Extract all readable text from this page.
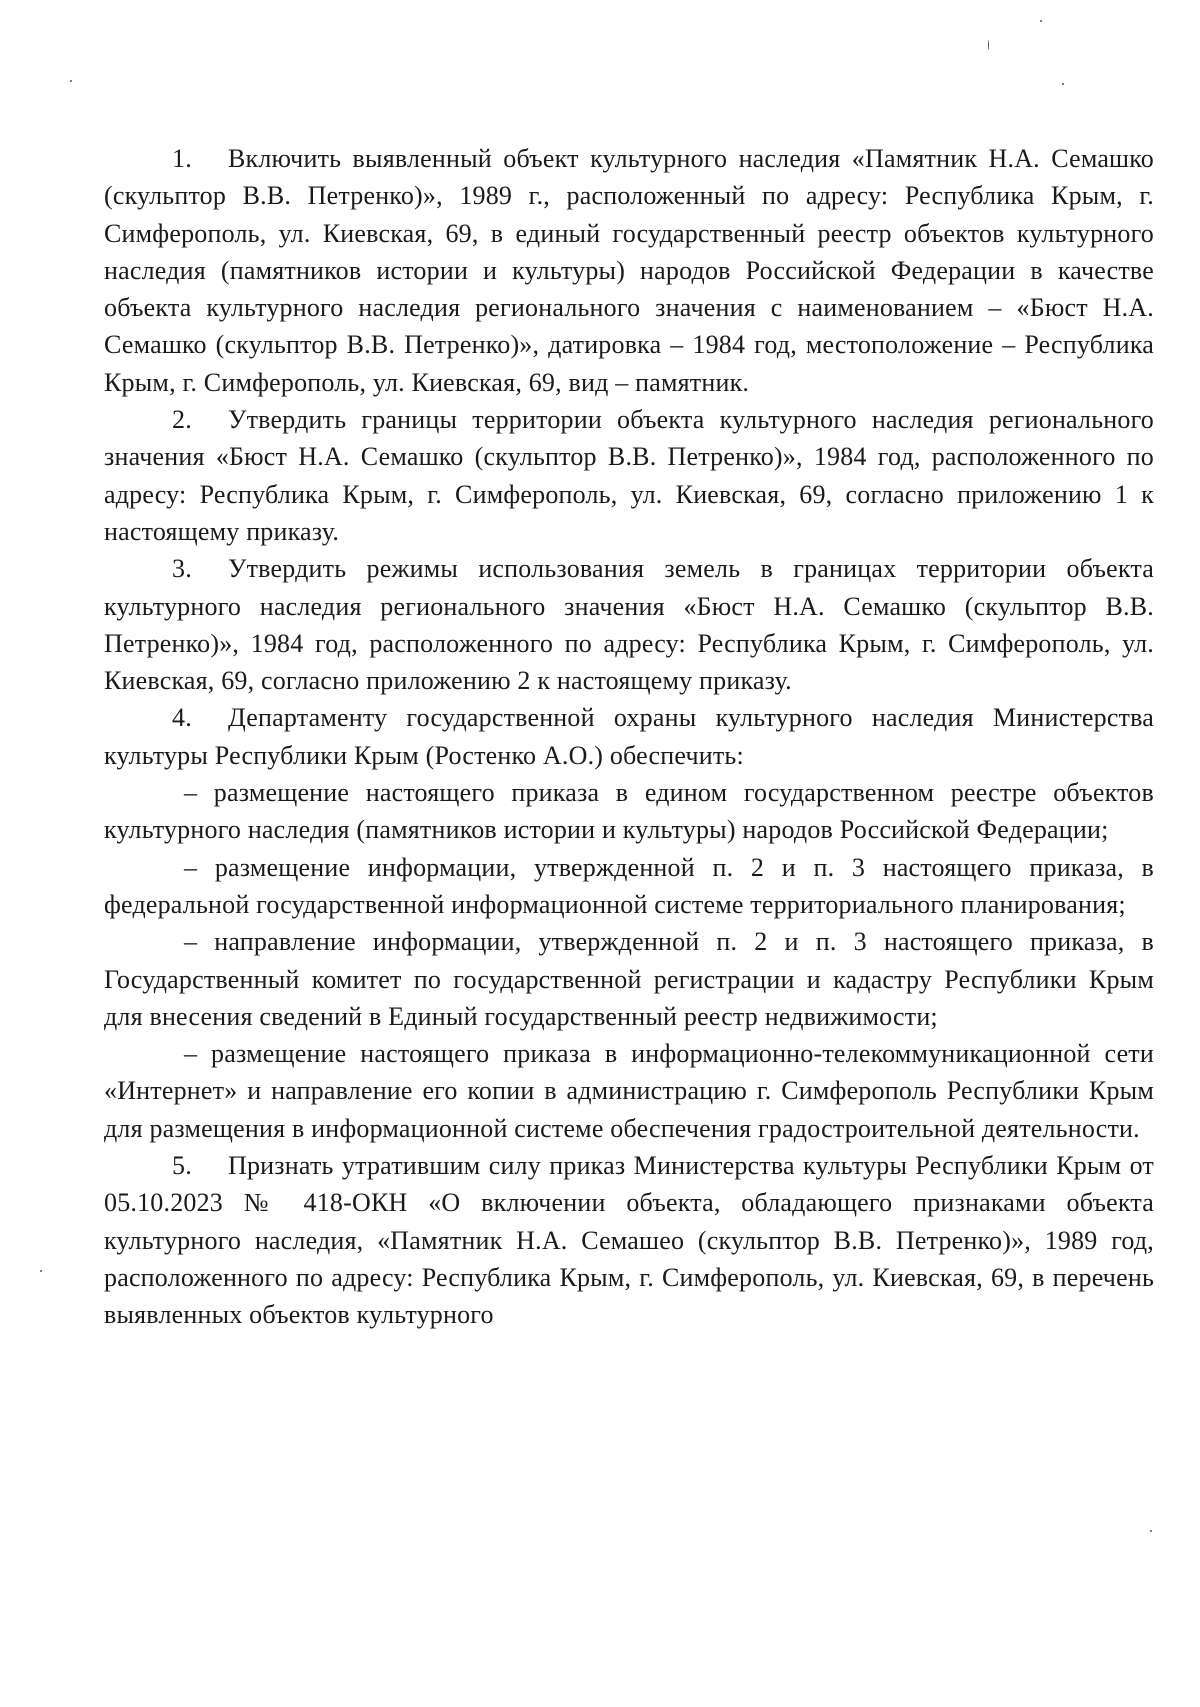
1. Включить выявленный объект культурного наследия «Памятник Н.А. Семашко (скульптор В.В. Петренко)», 1989 г., расположенный по адресу: Республика Крым, г. Симферополь, ул. Киевская, 69, в единый государственный реестр объектов культурного наследия (памятников истории и культуры) народов Российской Федерации в качестве объекта культурного наследия регионального значения с наименованием – «Бюст Н.А. Семашко (скульптор В.В. Петренко)», датировка – 1984 год, местоположение – Республика Крым, г. Симферополь, ул. Киевская, 69, вид – памятник.

2. Утвердить границы территории объекта культурного наследия регионального значения «Бюст Н.А. Семашко (скульптор В.В. Петренко)», 1984 год, расположенного по адресу: Республика Крым, г. Симферополь, ул. Киевская, 69, согласно приложению 1 к настоящему приказу.

3. Утвердить режимы использования земель в границах территории объекта культурного наследия регионального значения «Бюст Н.А. Семашко (скульптор В.В. Петренко)», 1984 год, расположенного по адресу: Республика Крым, г. Симферополь, ул. Киевская, 69, согласно приложению 2 к настоящему приказу.

4. Департаменту государственной охраны культурного наследия Министерства культуры Республики Крым (Ростенко А.О.) обеспечить:

– размещение настоящего приказа в едином государственном реестре объектов культурного наследия (памятников истории и культуры) народов Российской Федерации;

– размещение информации, утвержденной п. 2 и п. 3 настоящего приказа, в федеральной государственной информационной системе территориального планирования;

– направление информации, утвержденной п. 2 и п. 3 настоящего приказа, в Государственный комитет по государственной регистрации и кадастру Республики Крым для внесения сведений в Единый государственный реестр недвижимости;

– размещение настоящего приказа в информационно-телекоммуникационной сети «Интернет» и направление его копии в администрацию г. Симферополь Республики Крым для размещения в информационной системе обеспечения градостроительной деятельности.

5. Признать утратившим силу приказ Министерства культуры Республики Крым от 05.10.2023 № 418-ОКН «О включении объекта, обладающего признаками объекта культурного наследия, «Памятник Н.А. Семашео (скульптор В.В. Петренко)», 1989 год, расположенного по адресу: Республика Крым, г. Симферополь, ул. Киевская, 69, в перечень выявленных объектов культурного
